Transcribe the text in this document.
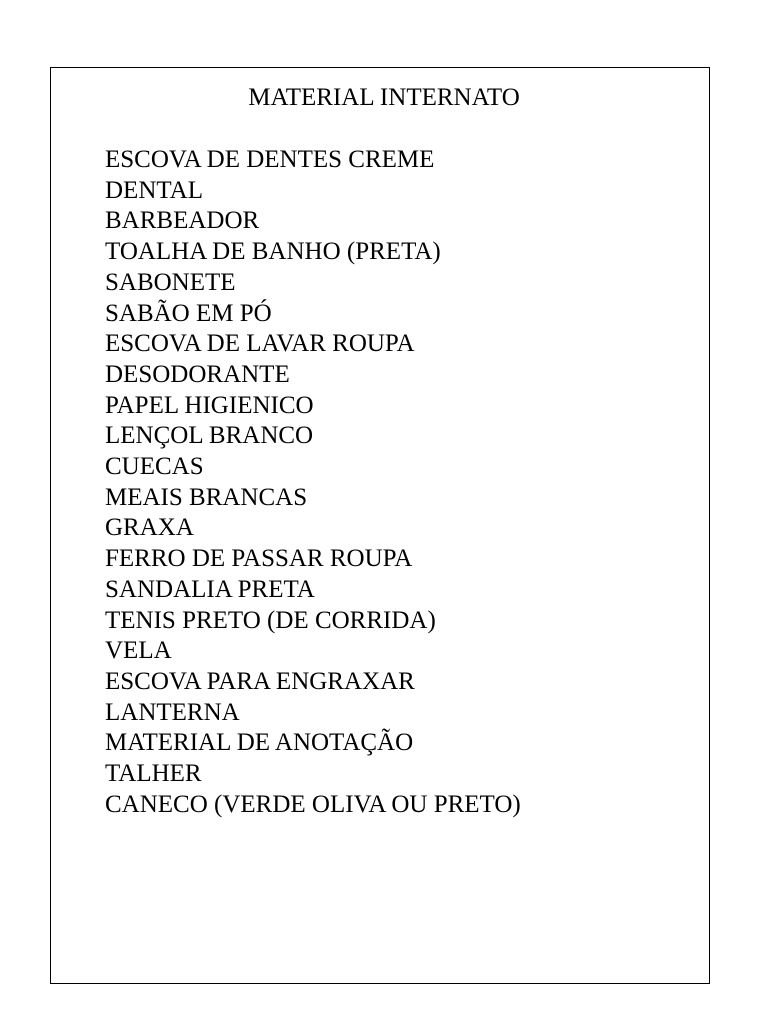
MATERIAL INTERNATO
ESCOVA DE DENTES CREME
DENTAL
BARBEADOR
TOALHA DE BANHO (PRETA)
SABONETE
SABÃO EM PÓ
ESCOVA DE LAVAR ROUPA
DESODORANTE
PAPEL HIGIENICO
LENÇOL BRANCO
CUECAS
MEAIS BRANCAS
GRAXA
FERRO DE PASSAR ROUPA
SANDALIA PRETA
TENIS PRETO (DE CORRIDA)
VELA
ESCOVA PARA ENGRAXAR
LANTERNA
MATERIAL DE ANOTAÇÃO
TALHER
CANECO (VERDE OLIVA OU PRETO)
